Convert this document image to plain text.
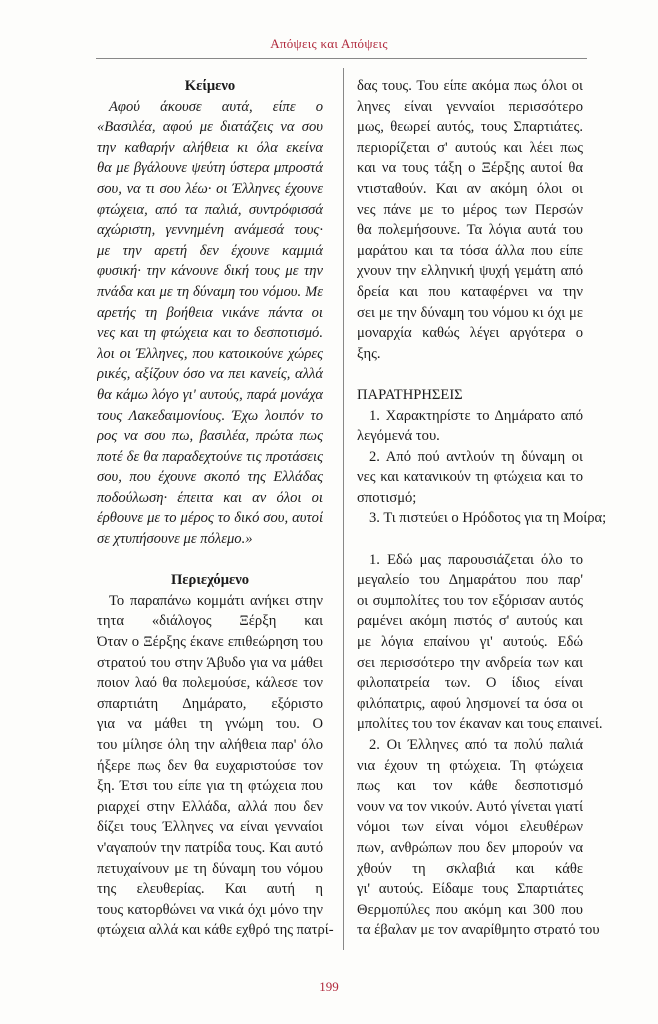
Απόψεις και Απόψεις
Κείμενο
Αφού άκουσε αυτά, είπε ο
«Βασιλέα, αφού με διατάζεις να σου
την καθαρήν αλήθεια κι όλα εκείνα
θα με βγάλουνε ψεύτη ύστερα μπροστά
σου, να τι σου λέω· οι Έλληνες έχουνε
φτώχεια, από τα παλιά, συντρόφισσά
αχώριστη, γεννημένη ανάμεσά τους·
με την αρετή δεν έχουνε καμμιά
φυσική· την κάνουνε δική τους με την
πνάδα και με τη δύναμη του νόμου. Με
αρετής τη βοήθεια νικάνε πάντα οι
νες και τη φτώχεια και το δεσποτισμό.
λοι οι Έλληνες, που κατοικούνε χώρες
ρικές, αξίζουν όσο να πει κανείς, αλλά
θα κάμω λόγο γι' αυτούς, παρά μονάχα
τους Λακεδαιμονίους. Έχω λοιπόν το
ρος να σου πω, βασιλέα, πρώτα πως
ποτέ δε θα παραδεχτούνε τις προτάσεις
σου, που έχουνε σκοπό της Ελλάδας
ποδούλωση· έπειτα και αν όλοι οι
έρθουνε με το μέρος το δικό σου, αυτοί
σε χτυπήσουνε με πόλεμο.»
Περιεχόμενο
Το παραπάνω κομμάτι ανήκει στην
τητα «διάλογος Ξέρξη και
Όταν ο Ξέρξης έκανε επιθεώρηση του
στρατού του στην Άβυδο για να μάθει
ποιον λαό θα πολεμούσε, κάλεσε τον
σπαρτιάτη Δημάρατο, εξόριστο
για να μάθει τη γνώμη του. Ο
του μίλησε όλη την αλήθεια παρ' όλο
ήξερε πως δεν θα ευχαριστούσε τον
ξη. Έτσι του είπε για τη φτώχεια που
ριαρχεί στην Ελλάδα, αλλά που δεν
δίζει τους Έλληνες να είναι γενναίοι
ν'αγαπούν την πατρίδα τους. Και αυτό
πετυχαίνουν με τη δύναμη του νόμου
της ελευθερίας. Και αυτή η
τους κατορθώνει να νικά όχι μόνο την
φτώχεια αλλά και κάθε εχθρό της πατρί-
δας τους. Του είπε ακόμα πως όλοι οι
ληνες είναι γενναίοι περισσότερο
μως, θεωρεί αυτός, τους Σπαρτιάτες.
περιορίζεται σ' αυτούς και λέει πως
και να τους τάξη ο Ξέρξης αυτοί θα
ντισταθούν. Και αν ακόμη όλοι οι
νες πάνε με το μέρος των Περσών
θα πολεμήσουνε. Τα λόγια αυτά του
μαράτου και τα τόσα άλλα που είπε
χνουν την ελληνική ψυχή γεμάτη από
δρεία και που καταφέρνει να την
σει με την δύναμη του νόμου κι όχι με
μοναρχία καθώς λέγει αργότερα ο
ξης.
ΠΑΡΑΤΗΡΗΣΕΙΣ
1. Χαρακτηρίστε το Δημάρατο από
λεγόμενά του.
2. Από πού αντλούν τη δύναμη οι
νες και κατανικούν τη φτώχεια και το
σποτισμό;
3. Τι πιστεύει ο Ηρόδοτος για τη Μοίρα;
1. Εδώ μας παρουσιάζεται όλο το
μεγαλείο του Δημαράτου που παρ'
οι συμπολίτες του τον εξόρισαν αυτός
ραμένει ακόμη πιστός σ' αυτούς και
με λόγια επαίνου γι' αυτούς. Εδώ
σει περισσότερο την ανδρεία των και
φιλοπατρεία των. Ο ίδιος είναι
φιλόπατρις, αφού λησμονεί τα όσα οι
μπολίτες του τον έκαναν και τους επαινεί.
2. Οι Έλληνες από τα πολύ παλιά
νια έχουν τη φτώχεια. Τη φτώχεια
πως και τον κάθε δεσποτισμό
νουν να τον νικούν. Αυτό γίνεται γιατί
νόμοι των είναι νόμοι ελευθέρων
πων, ανθρώπων που δεν μπορούν να
χθούν τη σκλαβιά και κάθε
γι' αυτούς. Είδαμε τους Σπαρτιάτες
Θερμοπύλες που ακόμη και 300 που
τα έβαλαν με τον αναρίθμητο στρατό του
199
